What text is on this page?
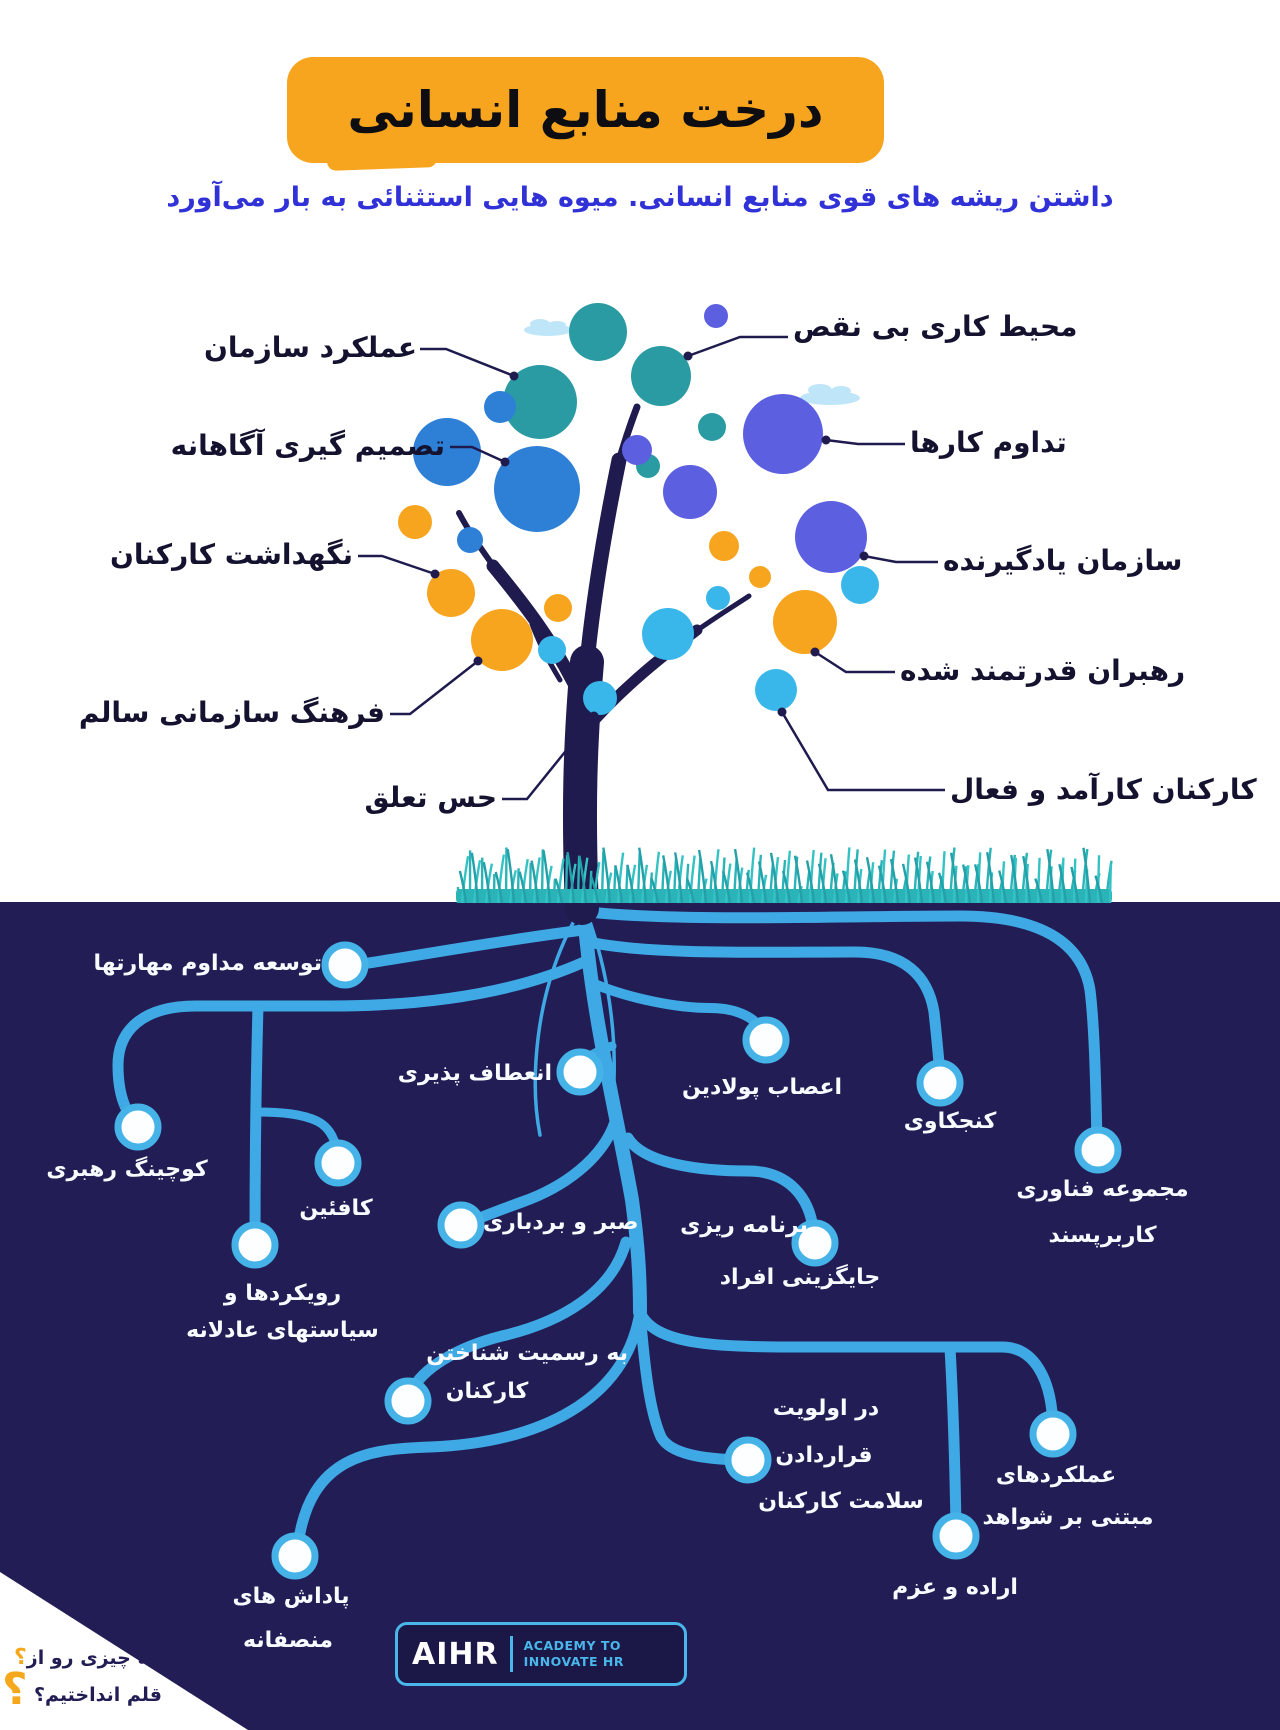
درخت منابع انسانی
داشتن ریشه های قوی منابع انسانی. میوه هایی استثنائی به بار می‌آورد
عملکرد سازمان
تصمیم گیری آگاهانه
نگهداشت کارکنان
فرهنگ سازمانی سالم
حس تعلق
محیط کاری بی نقص
تداوم کارها
سازمان یادگیرنده
رهبران قدرتمند شده
کارکنان کارآمد و فعال
توسعه مداوم مهارتها
انعطاف پذیری
اعصاب پولادین
کنجکاوی
مجموعه فناوری
کاربرپسند
کوچینگ رهبری
کافئین
رویکردها و
سیاستهای عادلانه
صبر و بردباری	برنامه ریزی
جایگزینی افراد
به رسمیت شناختن
کارکنان
در اولویت
قراردادن
سلامت کارکنان
عملکردهای
مبتنی بر شواهد
اراده و عزم
پاداش های
منصفانه
چه چیزی رو از؟
؟ قلم انداختیم؟
AIHR ACADEMY TO
INNOVATE HR
